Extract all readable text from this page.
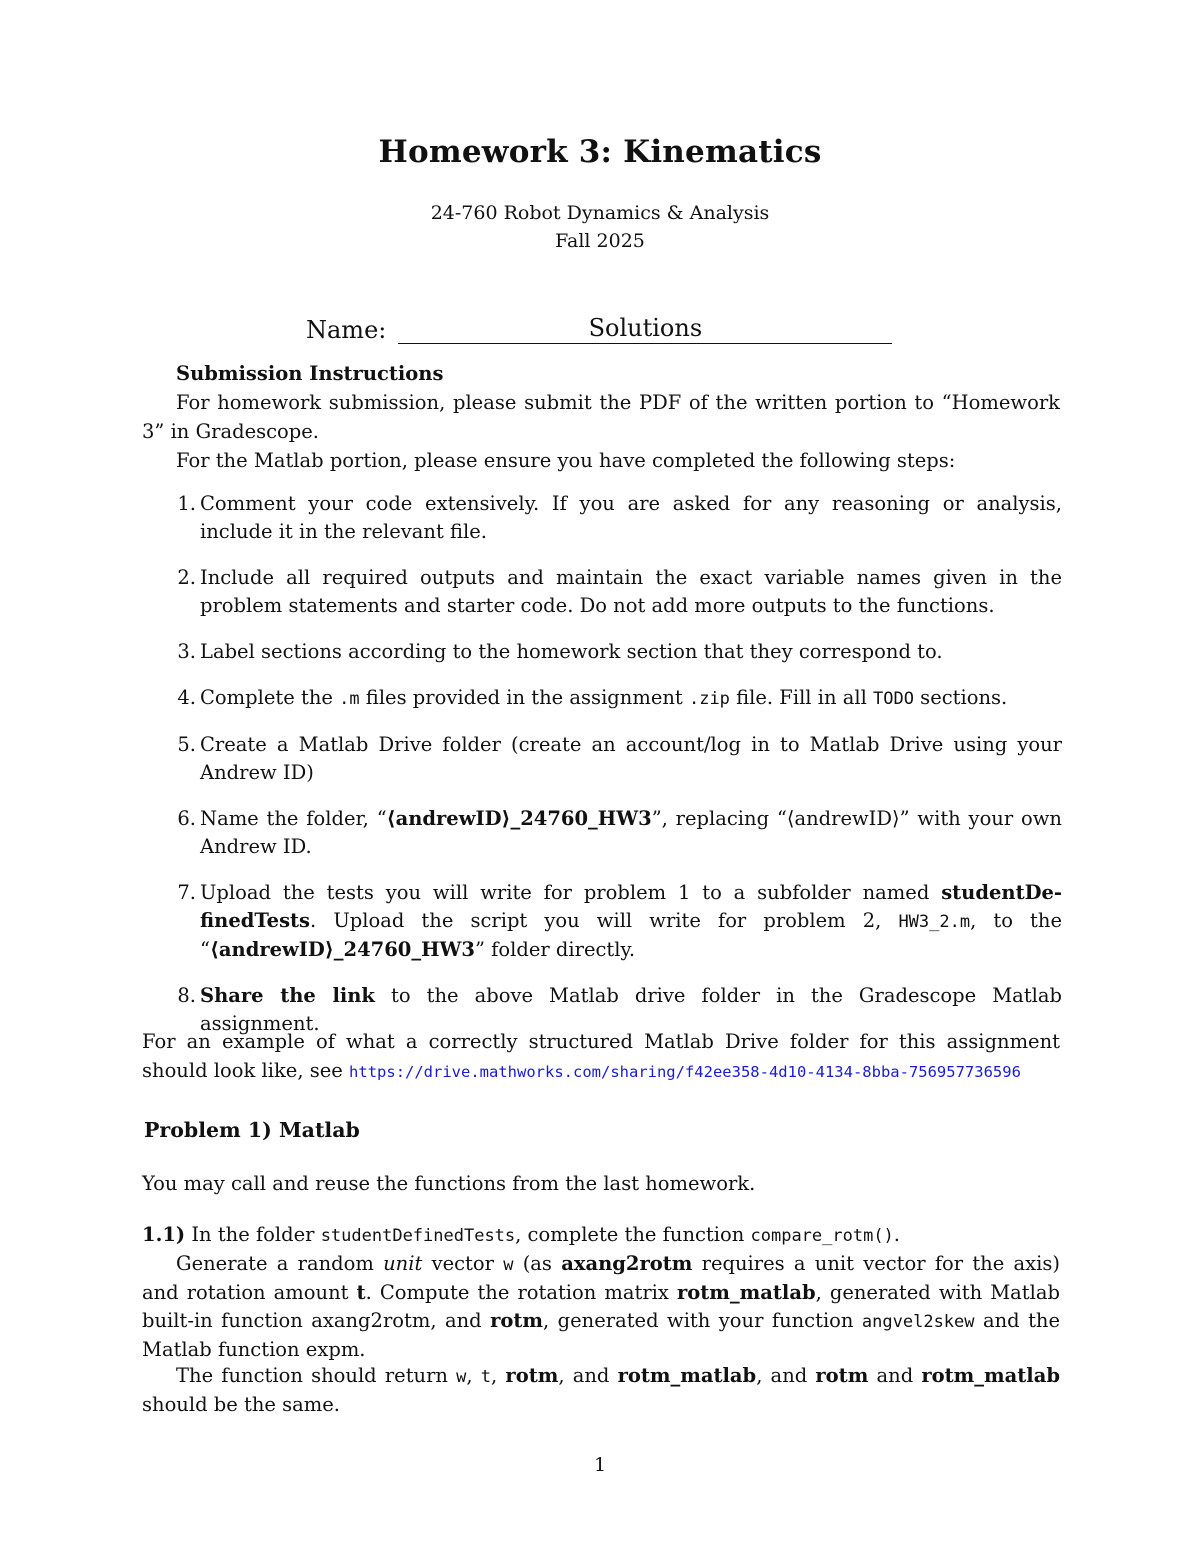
Homework 3: Kinematics
24-760 Robot Dynamics & Analysis
Fall 2025
Name:	Solutions
Submission Instructions
For homework submission, please submit the PDF of the written portion to “Homework 3” in Gradescope.
For the Matlab portion, please ensure you have completed the following steps:
1. Comment your code extensively. If you are asked for any reasoning or analysis, include it in the relevant file.
2. Include all required outputs and maintain the exact variable names given in the problem statements and starter code. Do not add more outputs to the functions.
3. Label sections according to the homework section that they correspond to.
4. Complete the .m files provided in the assignment .zip file. Fill in all TODO sections.
5. Create a Matlab Drive folder (create an account/log in to Matlab Drive using your Andrew ID)
6. Name the folder, “⟨andrewID⟩_24760_HW3”, replacing “⟨andrewID⟩” with your own Andrew ID.
7. Upload the tests you will write for problem 1 to a subfolder named studentDe-finedTests. Upload the script you will write for problem 2, HW3_2.m, to the “⟨andrewID⟩_24760_HW3” folder directly.
8. Share the link to the above Matlab drive folder in the Gradescope Matlab assignment.
For an example of what a correctly structured Matlab Drive folder for this assignment should look like, see https://drive.mathworks.com/sharing/f42ee358-4d10-4134-8bba-756957736596
Problem 1) Matlab
You may call and reuse the functions from the last homework.
1.1) In the folder studentDefinedTests, complete the function compare_rotm().
Generate a random unit vector w (as axang2rotm requires a unit vector for the axis) and rotation amount t. Compute the rotation matrix rotm_matlab, generated with Matlab built-in function axang2rotm, and rotm, generated with your function angvel2skew and the Matlab function expm.
The function should return w, t, rotm, and rotm_matlab, and rotm and rotm_matlab should be the same.
1
